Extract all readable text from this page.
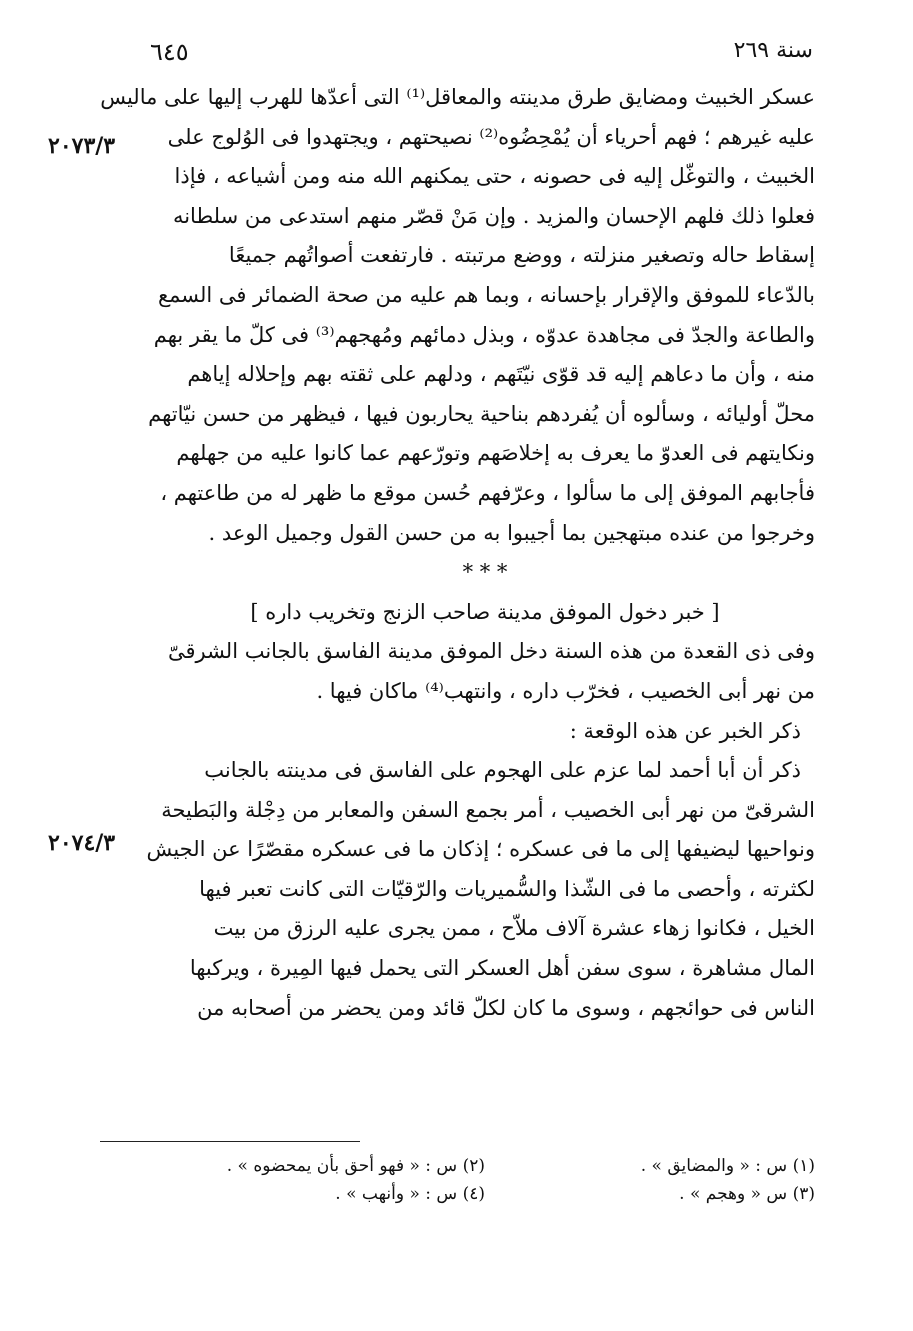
سنة ٢٦٩
٦٤٥
٢٠٧٣/٣
٢٠٧٤/٣
عسكر الخبيث ومضايق طرق مدينته والمعاقل⁽¹⁾ التى أعدّها للهرب إليها على ماليس
عليه غيرهم ؛ فهم أحرياء أن يُمْحِضُوه⁽²⁾ نصيحتهم ، ويجتهدوا فى الوُلوج على
الخبيث ، والتوغّل إليه فى حصونه ، حتى يمكنهم الله منه ومن أشياعه ، فإذا
فعلوا ذلك فلهم الإحسان والمزيد . وإن مَنْ قصّر منهم استدعى من سلطانه
إسقاط حاله وتصغير منزلته ، ووضع مرتبته . فارتفعت أصواتُهم جميعًا
بالدّعاء للموفق والإقرار بإحسانه ، وبما هم عليه من صحة الضمائر فى السمع
والطاعة والجدّ فى مجاهدة عدوّه ، وبذل دمائهم ومُهجهم⁽³⁾ فى كلّ ما يقر بهم
منه ، وأن ما دعاهم إليه قد قوّى نيّتَهم ، ودلهم على ثقته بهم وإحلاله إياهم
محلّ أوليائه ، وسألوه أن يُفردهم بناحية يحاربون فيها ، فيظهر من حسن نيّاتهم
ونكايتهم فى العدوّ ما يعرف به إخلاصَهم وتورّعهم عما كانوا عليه من جهلهم
فأجابهم الموفق إلى ما سألوا ، وعرّفهم حُسن موقع ما ظهر له من طاعتهم ،
وخرجوا من عنده مبتهجين بما أجيبوا به من حسن القول وجميل الوعد .
* * *
[ خبر دخول الموفق مدينة صاحب الزنج وتخريب داره ]
وفى ذى القعدة من هذه السنة دخل الموفق مدينة الفاسق بالجانب الشرقىّ
من نهر أبى الخصيب ، فخرّب داره ، وانتهب⁽⁴⁾ ماكان فيها .
ذكر الخبر عن هذه الوقعة :
ذكر أن أبا أحمد لما عزم على الهجوم على الفاسق فى مدينته بالجانب
الشرقىّ من نهر أبى الخصيب ، أمر بجمع السفن والمعابر من دِجْلة والبَطيحة
ونواحيها ليضيفها إلى ما فى عسكره ؛ إذكان ما فى عسكره مقصّرًا عن الجيش
لكثرته ، وأحصى ما فى الشّذا والسُّميريات والرّقيّات التى كانت تعبر فيها
الخيل ، فكانوا زهاء عشرة آلاف ملاّح ، ممن يجرى عليه الرزق من بيت
المال مشاهرة ، سوى سفن أهل العسكر التى يحمل فيها المِيرة ، ويركبها
الناس فى حوائجهم ، وسوى ما كان لكلّ قائد ومن يحضر من أصحابه من
(١) س : « والمضايق » .
(٢) س : « فهو أحق بأن يمحضوه » .
(٣) س « وهجم » .
(٤) س : « وأنهب » .
